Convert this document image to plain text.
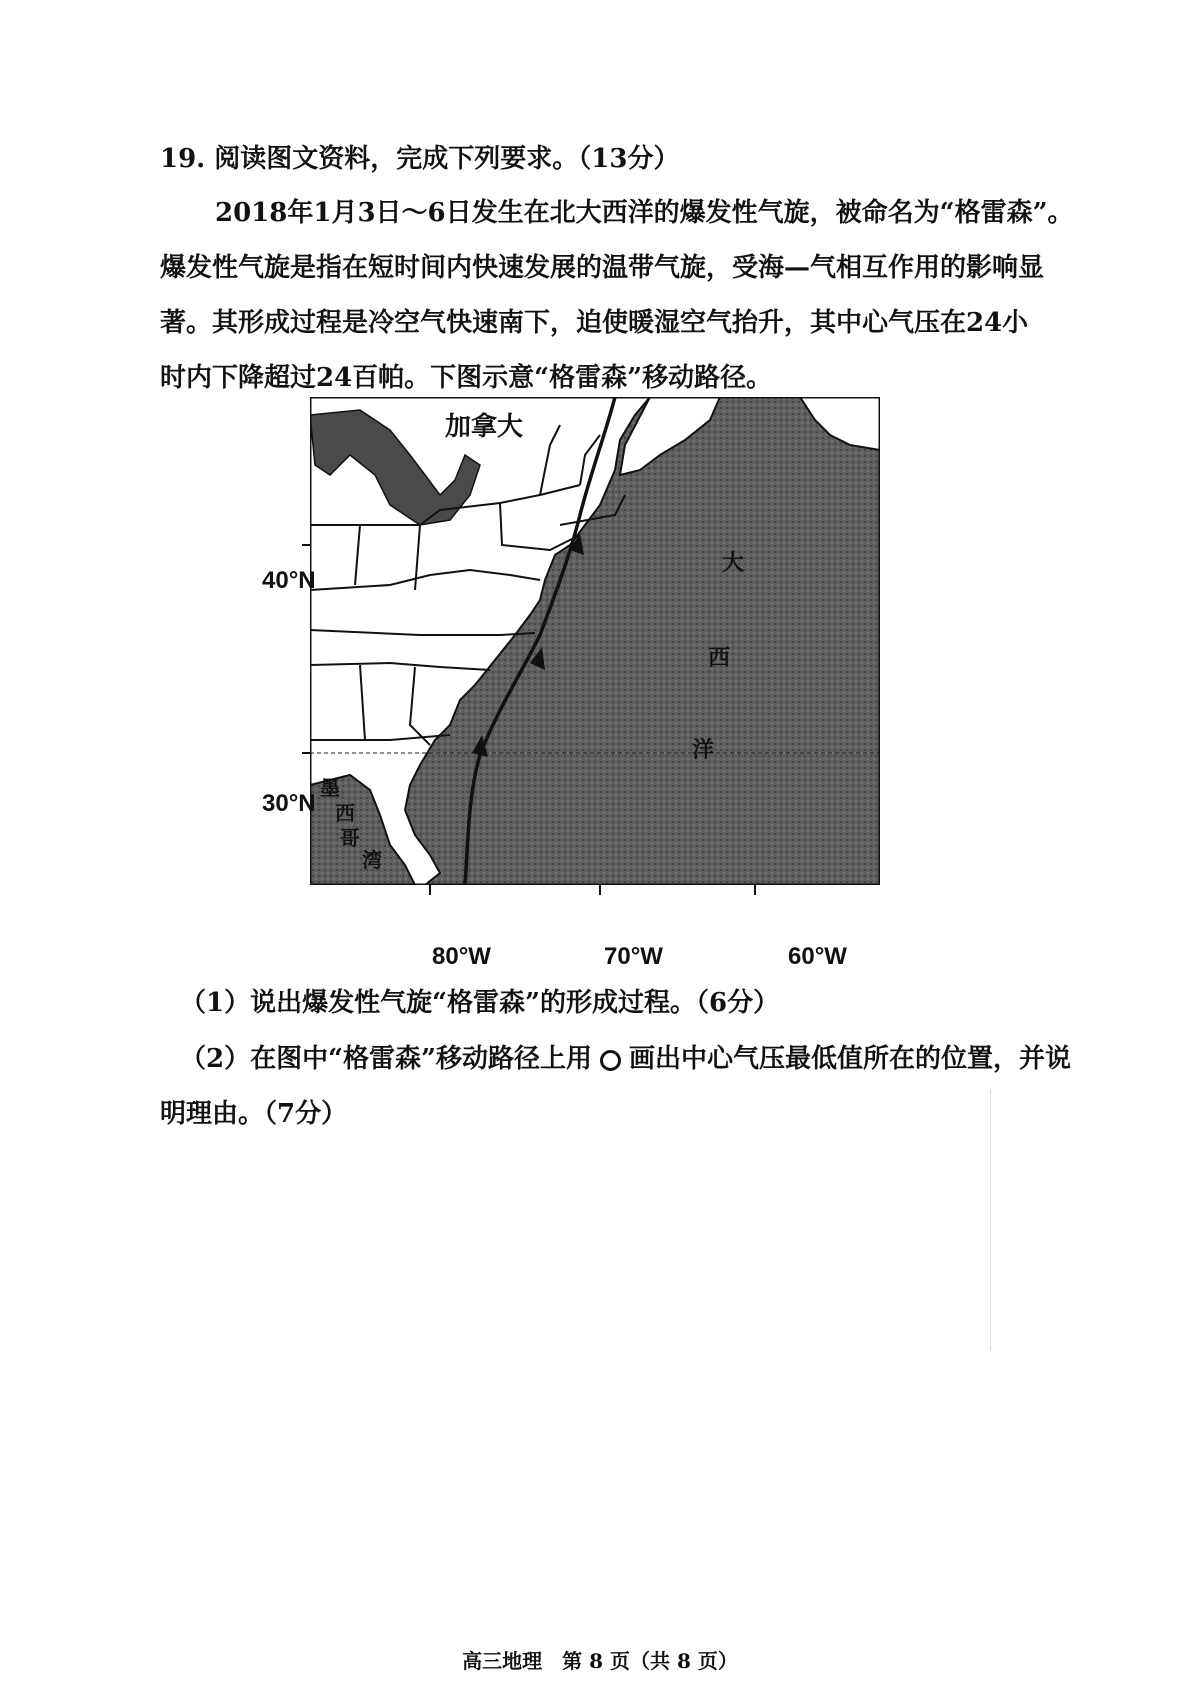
19. 阅读图文资料，完成下列要求。（13分）
2018年1月3日～6日发生在北大西洋的爆发性气旋，被命名为“格雷森”。
爆发性气旋是指在短时间内快速发展的温带气旋，受海—气相互作用的影响显
著。其形成过程是冷空气快速南下，迫使暖湿空气抬升，其中心气压在24小
时内下降超过24百帕。下图示意“格雷森”移动路径。
加拿大
大
西
洋
墨
西
哥
湾
40°N
30°N
80°W	70°W	60°W
（1）说出爆发性气旋“格雷森”的形成过程。（6分）
（2）在图中“格雷森”移动路径上用 画出中心气压最低值所在的位置，并说
明理由。（7分）
高三地理　第 8 页（共 8 页）
